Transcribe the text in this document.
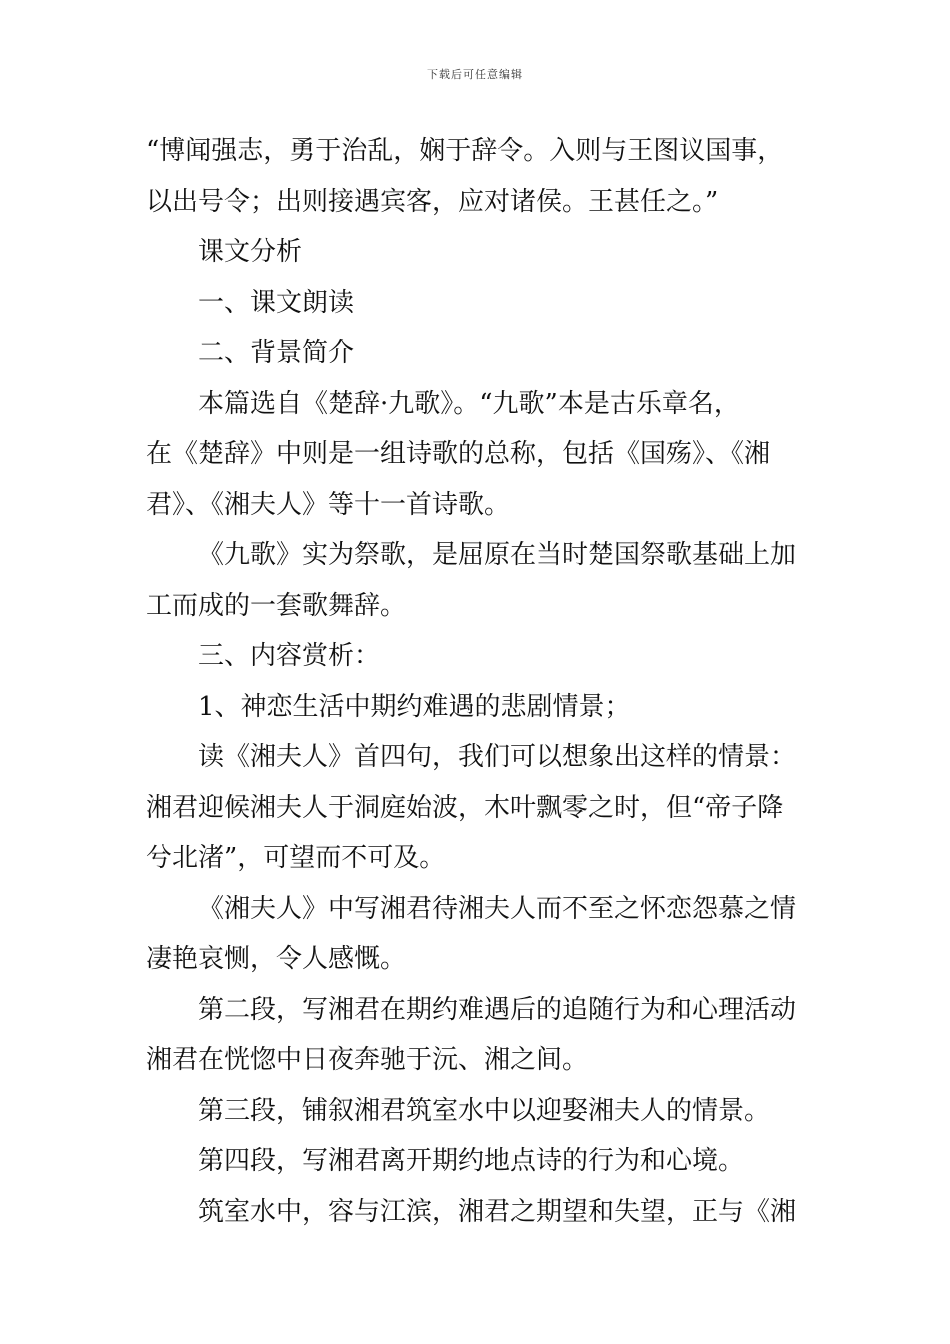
下载后可任意编辑
“博闻强志，勇于治乱，娴于辞令。入则与王图议国事，
以出号令；出则接遇宾客，应对诸侯。王甚任之。”
课文分析
一、课文朗读
二、背景简介
本篇选自《楚辞·九歌》。“九歌”本是古乐章名，
在《楚辞》中则是一组诗歌的总称，包括《国殇》、《湘
君》、《湘夫人》等十一首诗歌。
《九歌》实为祭歌，是屈原在当时楚国祭歌基础上加
工而成的一套歌舞辞。
三、内容赏析：
1、神恋生活中期约难遇的悲剧情景；
读《湘夫人》首四句，我们可以想象出这样的情景：
湘君迎候湘夫人于洞庭始波，木叶飘零之时，但“帝子降
兮北渚”，可望而不可及。
《湘夫人》中写湘君待湘夫人而不至之怀恋怨慕之情
凄艳哀恻，令人感慨。
第二段，写湘君在期约难遇后的追随行为和心理活动
湘君在恍惚中日夜奔驰于沅、湘之间。
第三段，铺叙湘君筑室水中以迎娶湘夫人的情景。
第四段，写湘君离开期约地点诗的行为和心境。
筑室水中，容与江滨，湘君之期望和失望，正与《湘
